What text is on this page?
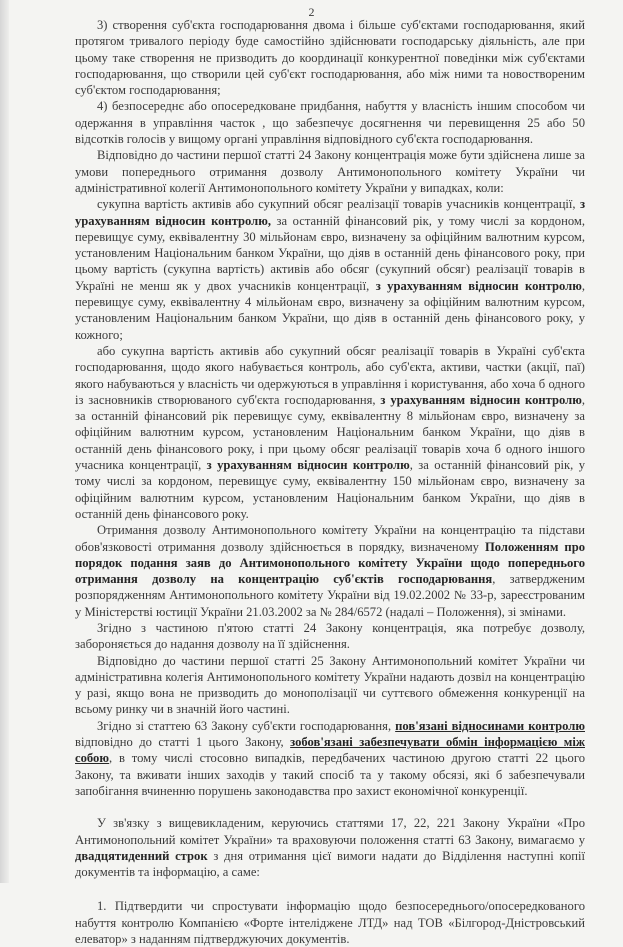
2

3) створення суб'єкта господарювання двома і більше суб'єктами господарювання, який протягом тривалого періоду буде самостійно здійснювати господарську діяльність, але при цьому таке створення не призводить до координації конкурентної поведінки між суб'єктами господарювання, що створили цей суб'єкт господарювання, або між ними та новоствореним суб'єктом господарювання;

4) безпосереднє або опосередковане придбання, набуття у власність іншим способом чи одержання в управління часток , що забезпечує досягнення чи перевищення 25 або 50 відсотків голосів у вищому органі управління відповідного суб'єкта господарювання.

Відповідно до частини першої статті 24 Закону концентрація може бути здійснена лише за умови попереднього отримання дозволу Антимонопольного комітету України чи адміністративної колегії Антимонопольного комітету України у випадках, коли:

сукупна вартість активів або сукупний обсяг реалізації товарів учасників концентрації, з урахуванням відносин контролю, за останній фінансовий рік, у тому числі за кордоном, перевищує суму, еквівалентну 30 мільйонам євро, визначену за офіційним валютним курсом, установленим Національним банком України, що діяв в останній день фінансового року, при цьому вартість (сукупна вартість) активів або обсяг (сукупний обсяг) реалізації товарів в Україні не менш як у двох учасників концентрації, з урахуванням відносин контролю, перевищує суму, еквівалентну 4 мільйонам євро, визначену за офіційним валютним курсом, установленим Національним банком України, що діяв в останній день фінансового року, у кожного;

або сукупна вартість активів або сукупний обсяг реалізації товарів в Україні суб'єкта господарювання, щодо якого набувається контроль, або суб'єкта, активи, частки (акції, паї) якого набуваються у власність чи одержуються в управління і користування, або хоча б одного із засновників створюваного суб'єкта господарювання, з урахуванням відносин контролю, за останній фінансовий рік перевищує суму, еквівалентну 8 мільйонам євро, визначену за офіційним валютним курсом, установленим Національним банком України, що діяв в останній день фінансового року, і при цьому обсяг реалізації товарів хоча б одного іншого учасника концентрації, з урахуванням відносин контролю, за останній фінансовий рік, у тому числі за кордоном, перевищує суму, еквівалентну 150 мільйонам євро, визначену за офіційним валютним курсом, установленим Національним банком України, що діяв в останній день фінансового року.

Отримання дозволу Антимонопольного комітету України на концентрацію та підстави обов'язковості отримання дозволу здійснюється в порядку, визначеному Положенням про порядок подання заяв до Антимонопольного комітету України щодо попереднього отримання дозволу на концентрацію суб'єктів господарювання, затвердженим розпорядженням Антимонопольного комітету України від 19.02.2002 № 33-р, зареєстрованим у Міністерстві юстиції України 21.03.2002 за № 284/6572 (надалі – Положення), зі змінами.

Згідно з частиною п'ятою статті 24 Закону концентрація, яка потребує дозволу, забороняється до надання дозволу на її здійснення.

Відповідно до частини першої статті 25 Закону Антимонопольний комітет України чи адміністративна колегія Антимонопольного комітету України надають дозвіл на концентрацію у разі, якщо вона не призводить до монополізації чи суттєвого обмеження конкуренції на всьому ринку чи в значній його частині.

Згідно зі статтею 63 Закону суб'єкти господарювання, пов'язані відносинами контролю відповідно до статті 1 цього Закону, зобов'язані забезпечувати обмін інформацією між собою, в тому числі стосовно випадків, передбачених частиною другою статті 22 цього Закону, та вживати інших заходів у такий спосіб та у такому обсязі, які б забезпечували запобігання вчиненню порушень законодавства про захист економічної конкуренції.

У зв'язку з вищевикладеним, керуючись статтями 17, 22, 221 Закону України «Про Антимонопольний комітет України» та враховуючи положення статті 63 Закону, вимагаємо у двадцятиденний строк з дня отримання цієї вимоги надати до Відділення наступні копії документів та інформацію, а саме:

1. Підтвердити чи спростувати інформацію щодо безпосереднього/опосередкованого набуття контролю Компанією «Форте інтеліджене ЛТД» над ТОВ «Білгород-Дністровський елеватор» з наданням підтверджуючих документів.
